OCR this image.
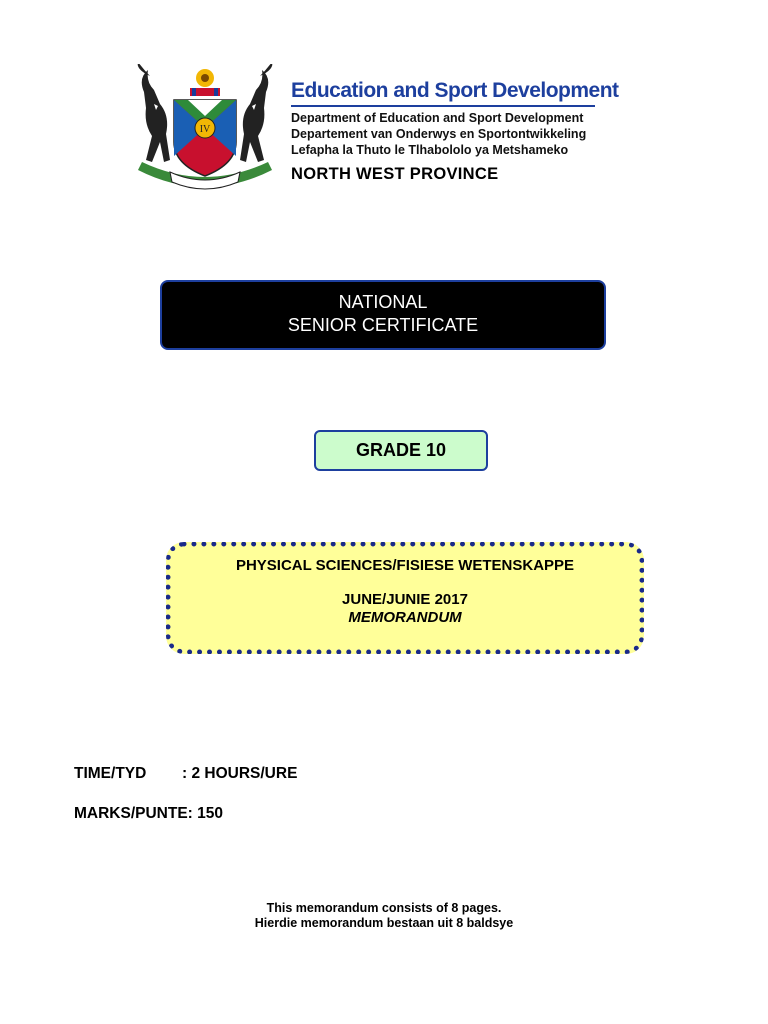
IV
Education and Sport Development
Department of Education and Sport Development
Departement van Onderwys en Sportontwikkeling
Lefapha la Thuto le Tlhabololo ya Metshameko
NORTH WEST PROVINCE
NATIONAL
SENIOR CERTIFICATE
GRADE 10
PHYSICAL SCIENCES/FISIESE WETENSKAPPE
JUNE/JUNIE 2017
MEMORANDUM
TIME/TYD : 2 HOURS/URE
MARKS/PUNTE: 150
This memorandum consists of 8 pages.
Hierdie memorandum bestaan uit 8 baldsye
